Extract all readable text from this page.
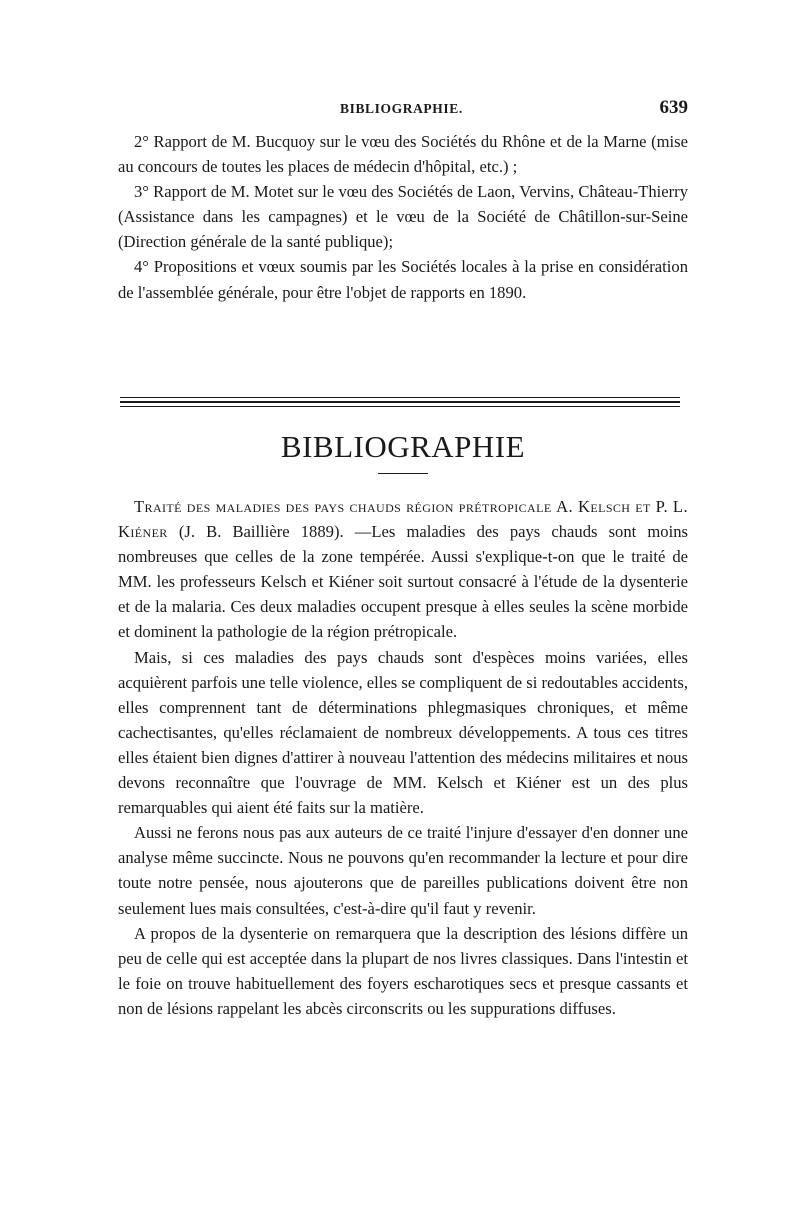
BIBLIOGRAPHIE.	639

2° Rapport de M. Bucquoy sur le vœu des Sociétés du Rhône et de la Marne (mise au concours de toutes les places de médecin d'hôpital, etc.) ;

3° Rapport de M. Motet sur le vœu des Sociétés de Laon, Vervins, Château-Thierry (Assistance dans les campagnes) et le vœu de la Société de Châtillon-sur-Seine (Direction générale de la santé publique);

4° Propositions et vœux soumis par les Sociétés locales à la prise en considération de l'assemblée générale, pour être l'objet de rapports en 1890.

BIBLIOGRAPHIE

Traité des maladies des pays chauds région prétropicale A. Kelsch et P. L. Kiéner (J. B. Baillière 1889). —Les maladies des pays chauds sont moins nombreuses que celles de la zone tempérée. Aussi s'explique-t-on que le traité de MM. les professeurs Kelsch et Kiéner soit surtout consacré à l'étude de la dysenterie et de la malaria. Ces deux maladies occupent presque à elles seules la scène morbide et dominent la pathologie de la région prétropicale.

Mais, si ces maladies des pays chauds sont d'espèces moins variées, elles acquièrent parfois une telle violence, elles se compliquent de si redoutables accidents, elles comprennent tant de déterminations phlegmasiques chroniques, et même cachectisantes, qu'elles réclamaient de nombreux développements. A tous ces titres elles étaient bien dignes d'attirer à nouveau l'attention des médecins militaires et nous devons reconnaître que l'ouvrage de MM. Kelsch et Kiéner est un des plus remarquables qui aient été faits sur la matière.

Aussi ne ferons nous pas aux auteurs de ce traité l'injure d'essayer d'en donner une analyse même succincte. Nous ne pouvons qu'en recommander la lecture et pour dire toute notre pensée, nous ajouterons que de pareilles publications doivent être non seulement lues mais consultées, c'est-à-dire qu'il faut y revenir.

A propos de la dysenterie on remarquera que la description des lésions diffère un peu de celle qui est acceptée dans la plupart de nos livres classiques. Dans l'intestin et le foie on trouve habituellement des foyers escharotiques secs et presque cassants et non de lésions rappelant les abcès circonscrits ou les suppurations diffuses.
